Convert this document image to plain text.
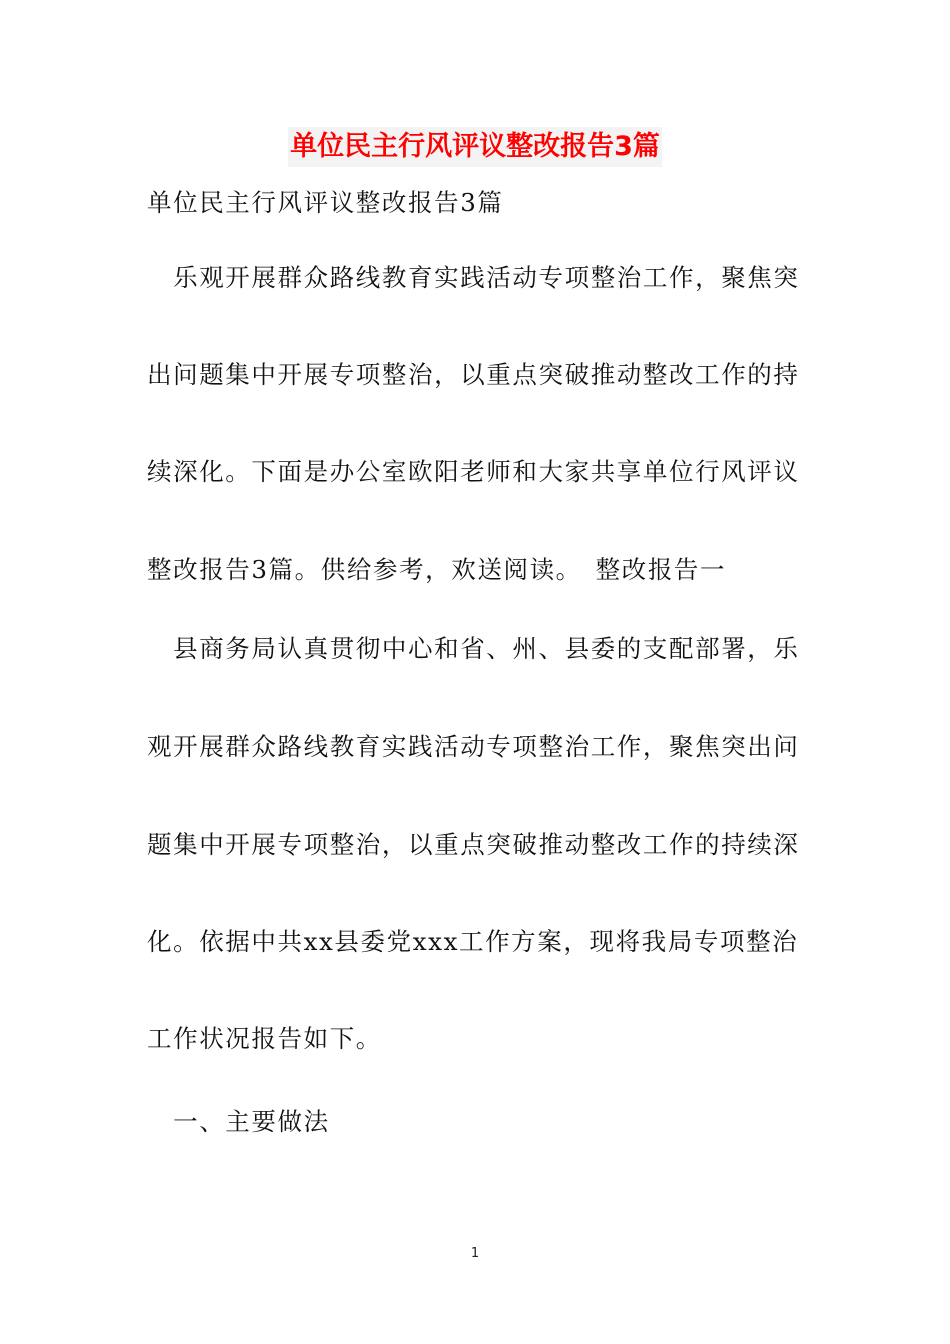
单位民主行风评议整改报告3篇
单位民主行风评议整改报告3篇
　乐观开展群众路线教育实践活动专项整治工作，聚焦突
出问题集中开展专项整治，以重点突破推动整改工作的持
续深化。下面是办公室欧阳老师和大家共享单位行风评议
整改报告3篇。供给参考，欢送阅读。　整改报告一
　县商务局认真贯彻中心和省、州、县委的支配部署，乐
观开展群众路线教育实践活动专项整治工作，聚焦突出问
题集中开展专项整治，以重点突破推动整改工作的持续深
化。依据中共xx县委党xxx工作方案，现将我局专项整治
工作状况报告如下。
　一、主要做法
1
